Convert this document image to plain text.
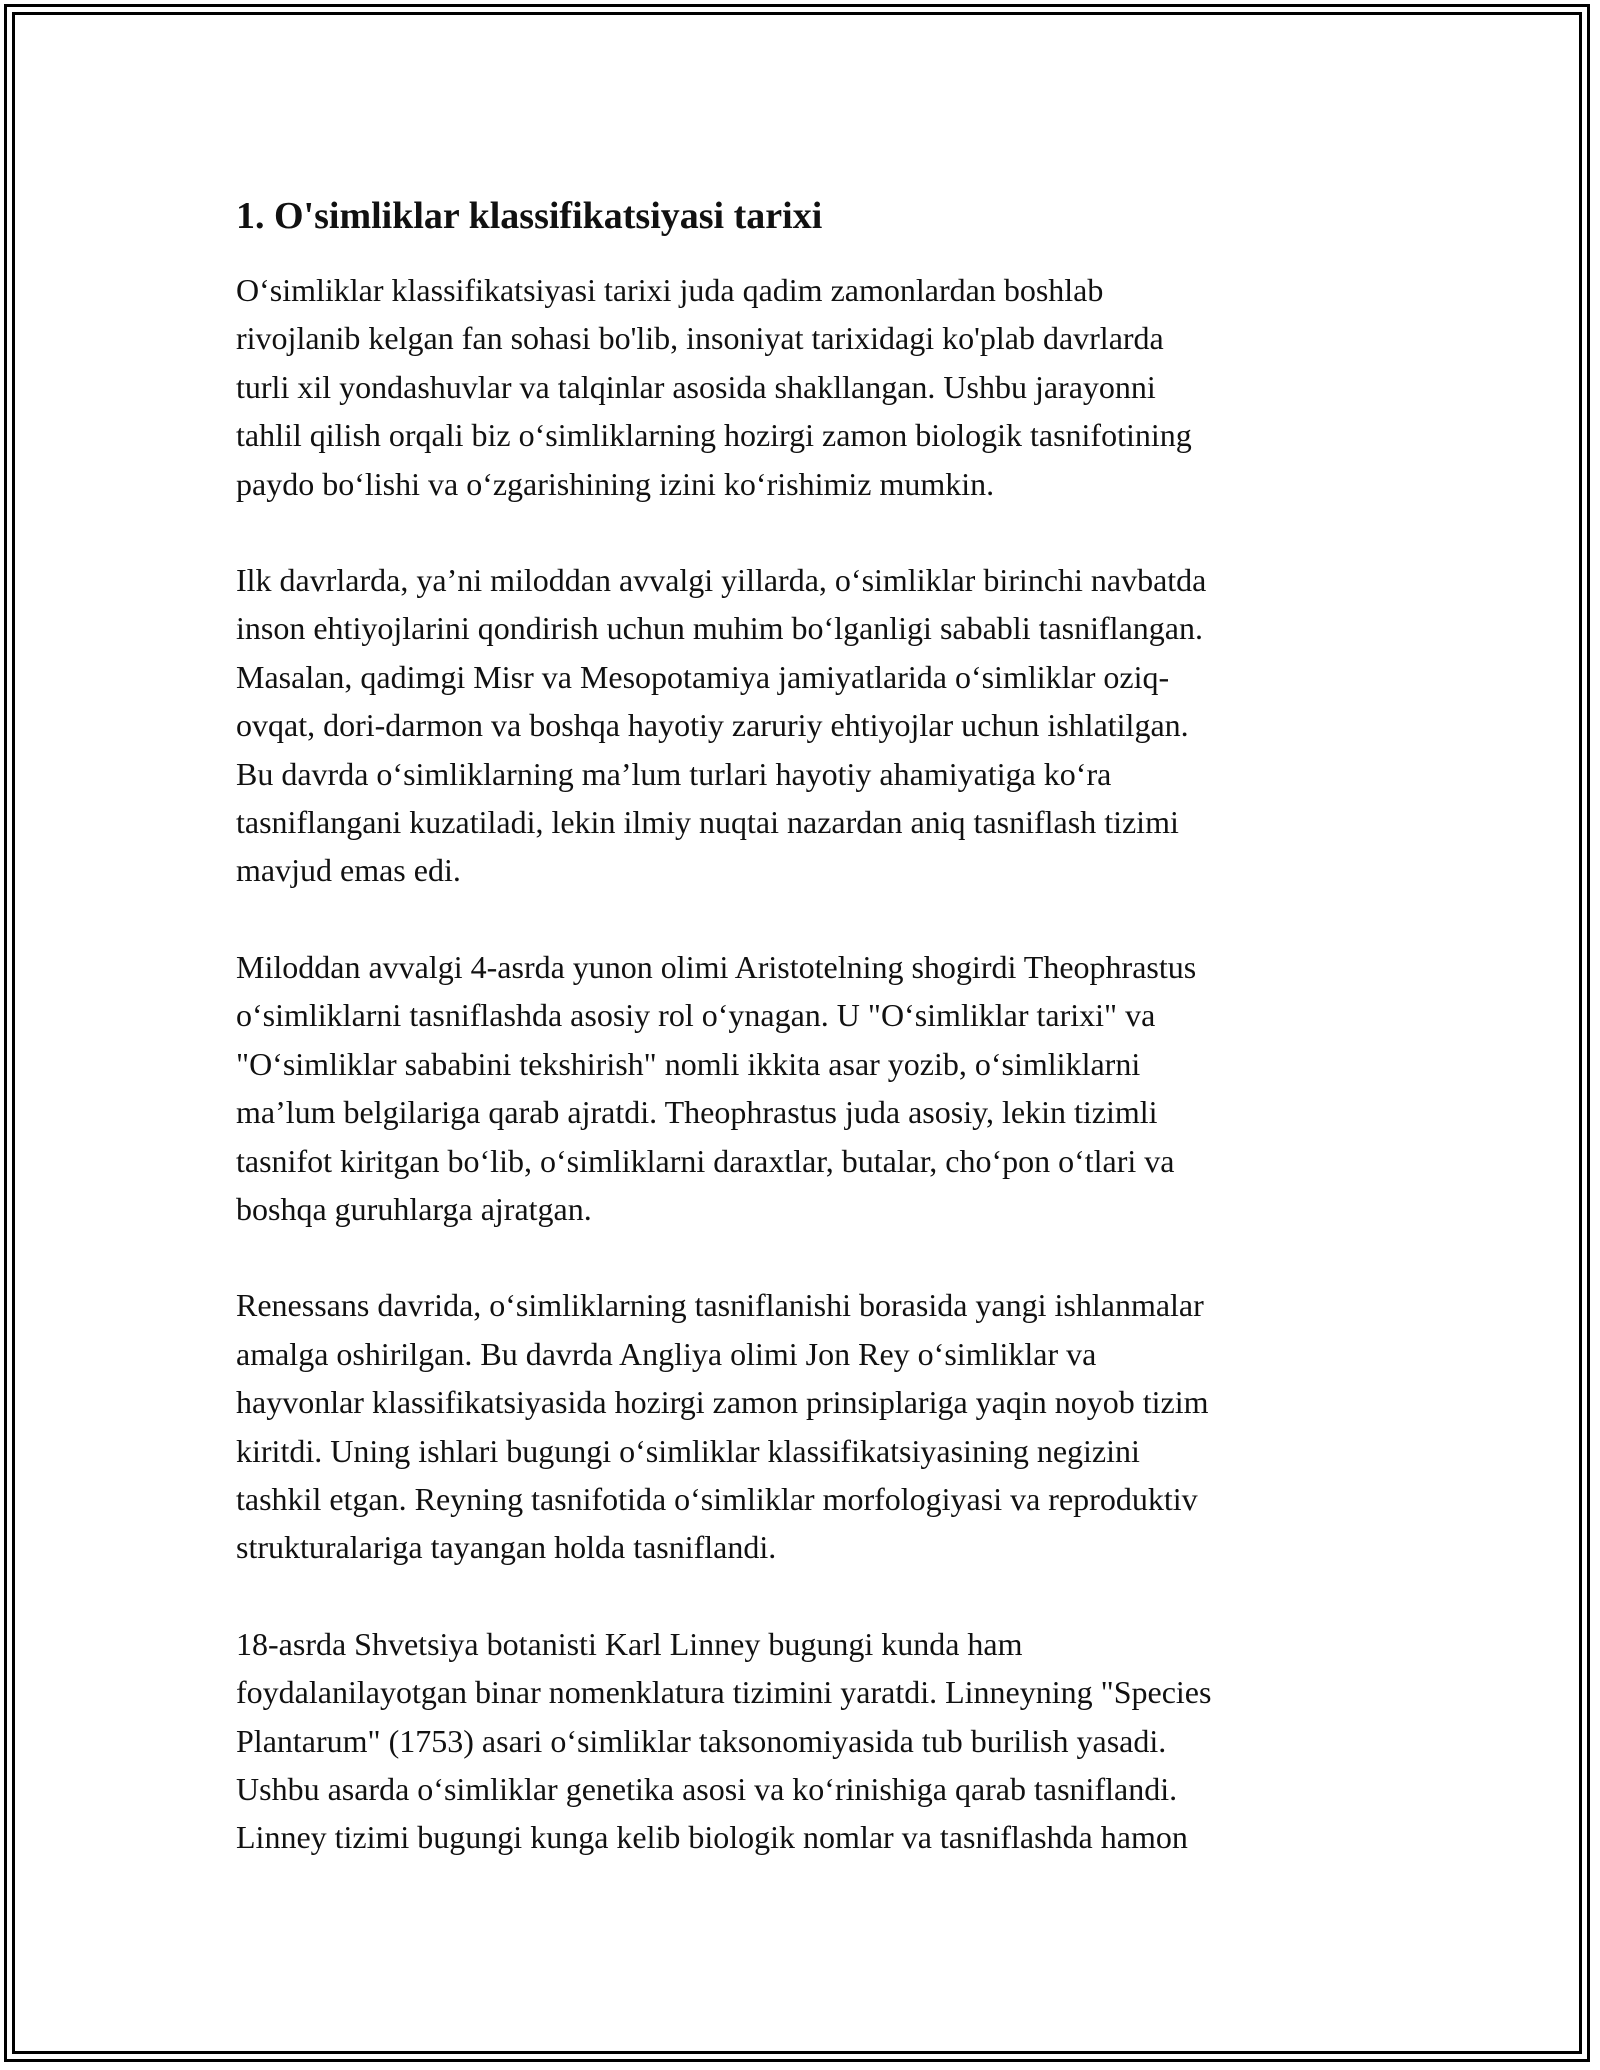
1. O'simliklar klassifikatsiyasi tarixi

O‘simliklar klassifikatsiyasi tarixi juda qadim zamonlardan boshlab
rivojlanib kelgan fan sohasi bo'lib, insoniyat tarixidagi ko'plab davrlarda
turli xil yondashuvlar va talqinlar asosida shakllangan. Ushbu jarayonni
tahlil qilish orqali biz o‘simliklarning hozirgi zamon biologik tasnifotining
paydo bo‘lishi va o‘zgarishining izini ko‘rishimiz mumkin.

Ilk davrlarda, ya’ni miloddan avvalgi yillarda, o‘simliklar birinchi navbatda
inson ehtiyojlarini qondirish uchun muhim bo‘lganligi sababli tasniflangan.
Masalan, qadimgi Misr va Mesopotamiya jamiyatlarida o‘simliklar oziq-
ovqat, dori-darmon va boshqa hayotiy zaruriy ehtiyojlar uchun ishlatilgan.
Bu davrda o‘simliklarning ma’lum turlari hayotiy ahamiyatiga ko‘ra
tasniflangani kuzatiladi, lekin ilmiy nuqtai nazardan aniq tasniflash tizimi
mavjud emas edi.

Miloddan avvalgi 4-asrda yunon olimi Aristotelning shogirdi Theophrastus
o‘simliklarni tasniflashda asosiy rol o‘ynagan. U "O‘simliklar tarixi" va
"O‘simliklar sababini tekshirish" nomli ikkita asar yozib, o‘simliklarni
ma’lum belgilariga qarab ajratdi. Theophrastus juda asosiy, lekin tizimli
tasnifot kiritgan bo‘lib, o‘simliklarni daraxtlar, butalar, cho‘pon o‘tlari va
boshqa guruhlarga ajratgan.

Renessans davrida, o‘simliklarning tasniflanishi borasida yangi ishlanmalar
amalga oshirilgan. Bu davrda Angliya olimi Jon Rey o‘simliklar va
hayvonlar klassifikatsiyasida hozirgi zamon prinsiplariga yaqin noyob tizim
kiritdi. Uning ishlari bugungi o‘simliklar klassifikatsiyasining negizini
tashkil etgan. Reyning tasnifotida o‘simliklar morfologiyasi va reproduktiv
strukturalariga tayangan holda tasniflandi.

18-asrda Shvetsiya botanisti Karl Linney bugungi kunda ham
foydalanilayotgan binar nomenklatura tizimini yaratdi. Linneyning "Species
Plantarum" (1753) asari o‘simliklar taksonomiyasida tub burilish yasadi.
Ushbu asarda o‘simliklar genetika asosi va ko‘rinishiga qarab tasniflandi.
Linney tizimi bugungi kunga kelib biologik nomlar va tasniflashda hamon
